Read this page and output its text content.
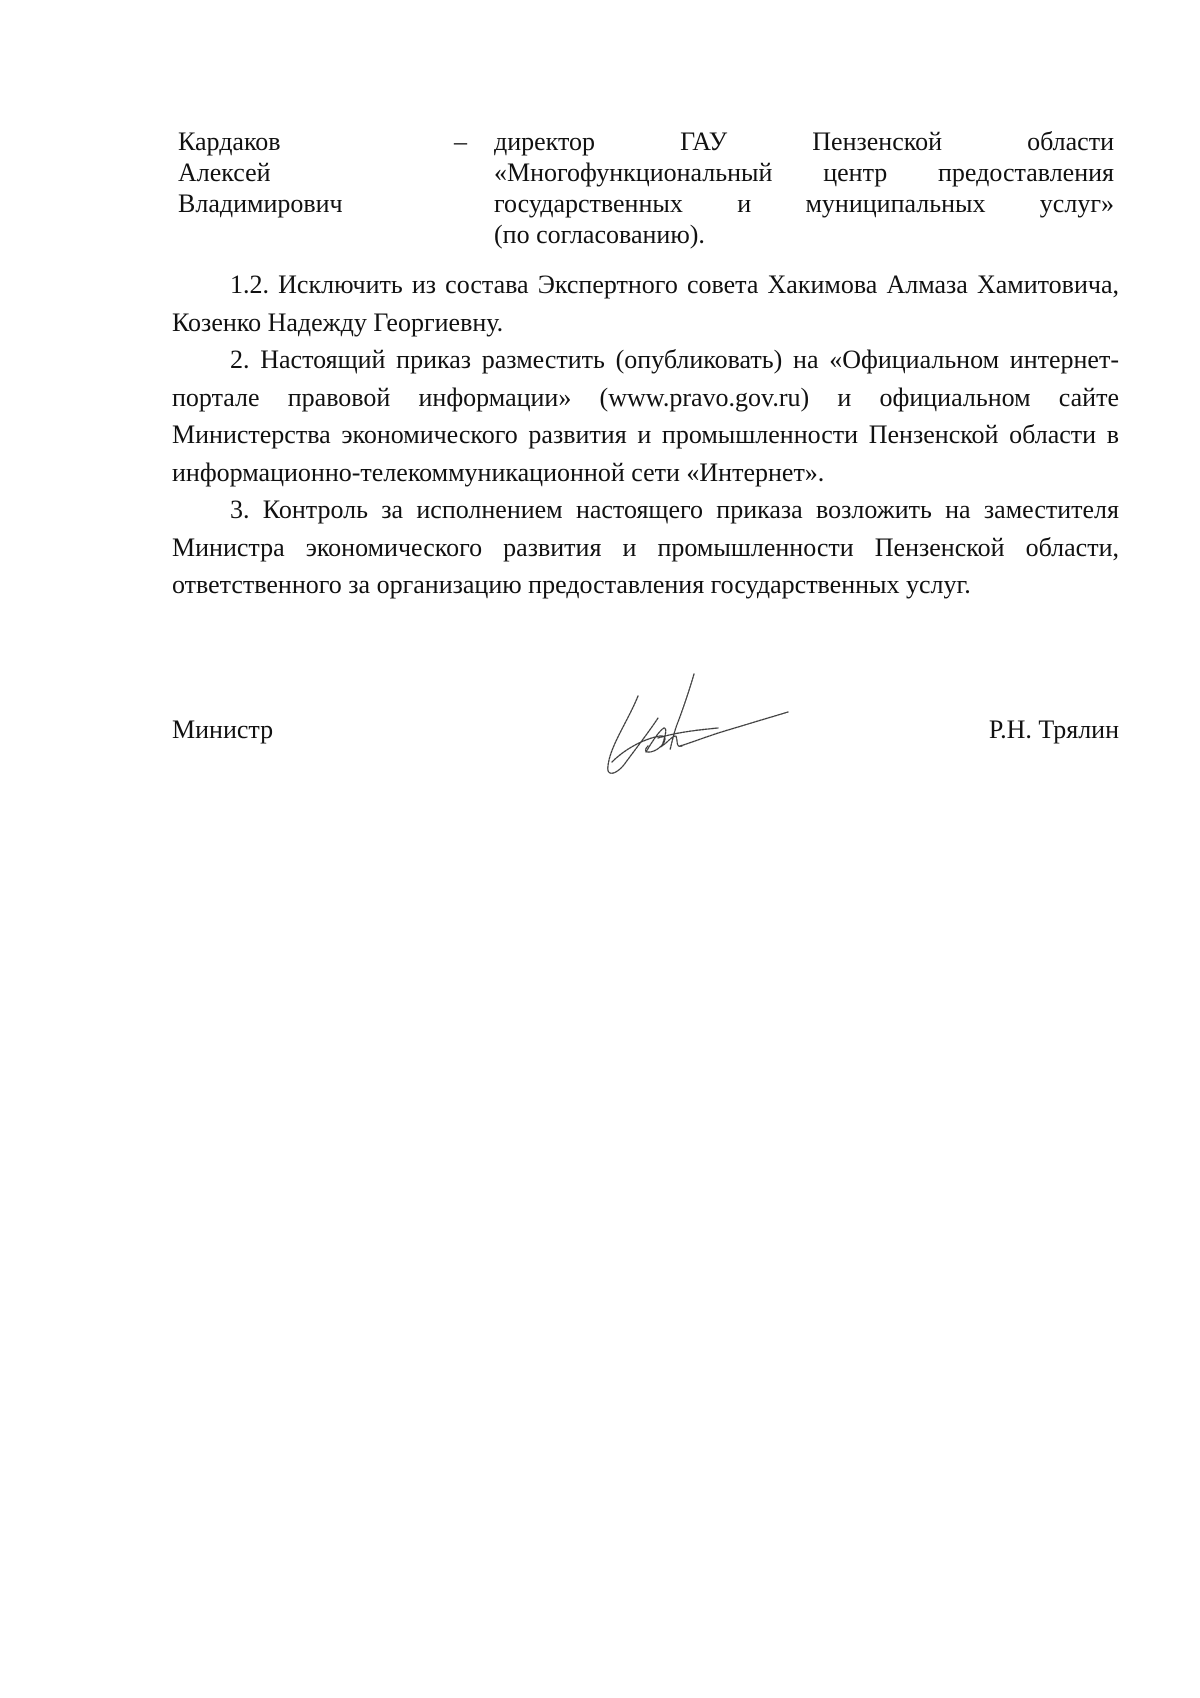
Кардаков
Алексей
Владимирович
–	директор ГАУ Пензенской области
«Многофункциональный центр предоставления
государственных и муниципальных услуг»
(по согласованию).

1.2. Исключить из состава Экспертного совета Хакимова Алмаза Хамитовича, Козенко Надежду Георгиевну.

2. Настоящий приказ разместить (опубликовать) на «Официальном интернет-портале правовой информации» (www.pravo.gov.ru) и официальном сайте Министерства экономического развития и промышленности Пензенской области в информационно-телекоммуникационной сети «Интернет».

3. Контроль за исполнением настоящего приказа возложить на заместителя Министра экономического развития и промышленности Пензенской области, ответственного за организацию предоставления государственных услуг.

Министр	Р.Н. Трялин
